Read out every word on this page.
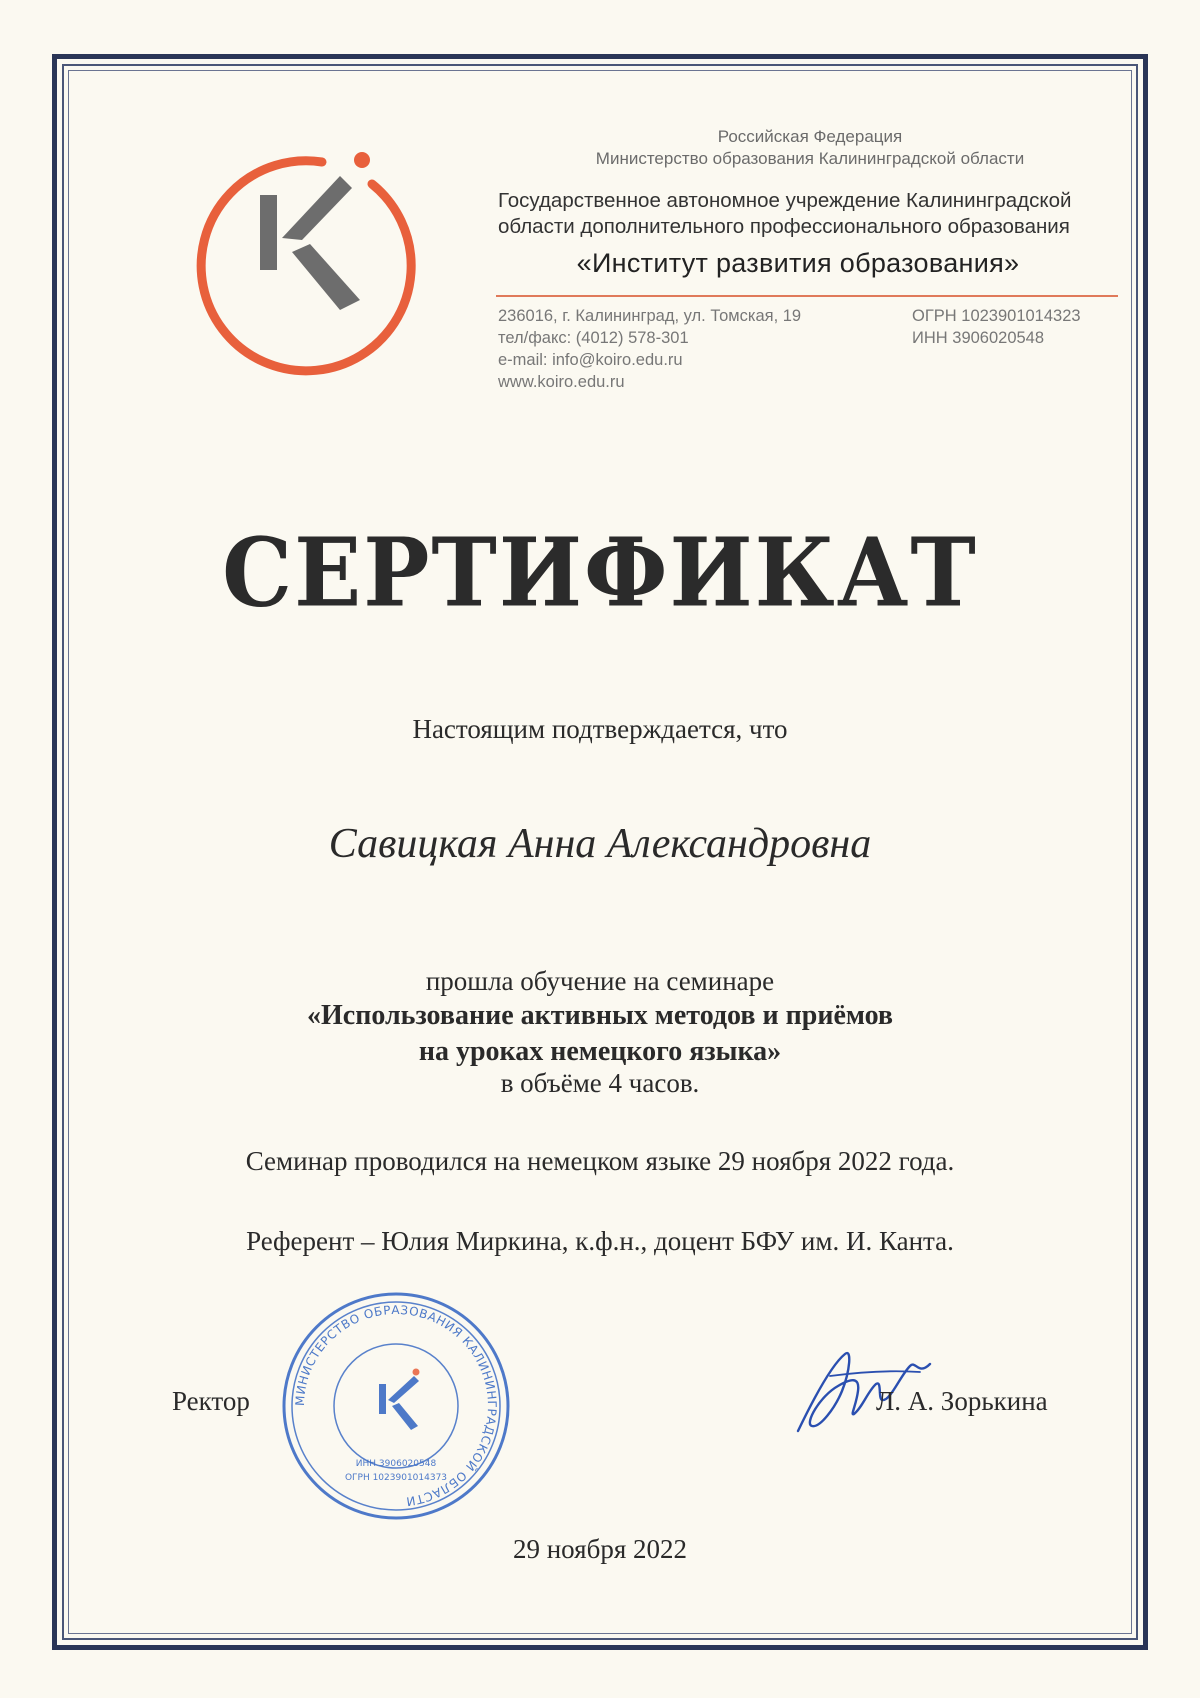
Российская Федерация
Министерство образования Калининградской области
Государственное автономное учреждение Калининградской
области дополнительного профессионального образования
«Институт развития образования»
236016, г. Калининград, ул. Томская, 19
тел/факс: (4012) 578-301
e-mail: info@koiro.edu.ru
www.koiro.edu.ru
ОГРН 1023901014323
ИНН 3906020548
СЕРТИФИКАТ
Настоящим подтверждается, что
Савицкая Анна Александровна
прошла обучение на семинаре
«Использование активных методов и приёмов
на уроках немецкого языка»
в объёме 4 часов.
Семинар проводился на немецком языке 29 ноября 2022 года.
Референт – Юлия Миркина, к.ф.н., доцент БФУ им. И. Канта.
Ректор	МИНИСТЕРСТВО ОБРАЗОВАНИЯ КАЛИНИНГРАДСКОЙ ОБЛАСТИ
ИНН 3906020548
ОГРН 1023901014373
Л. А. Зорькина
29 ноября 2022
